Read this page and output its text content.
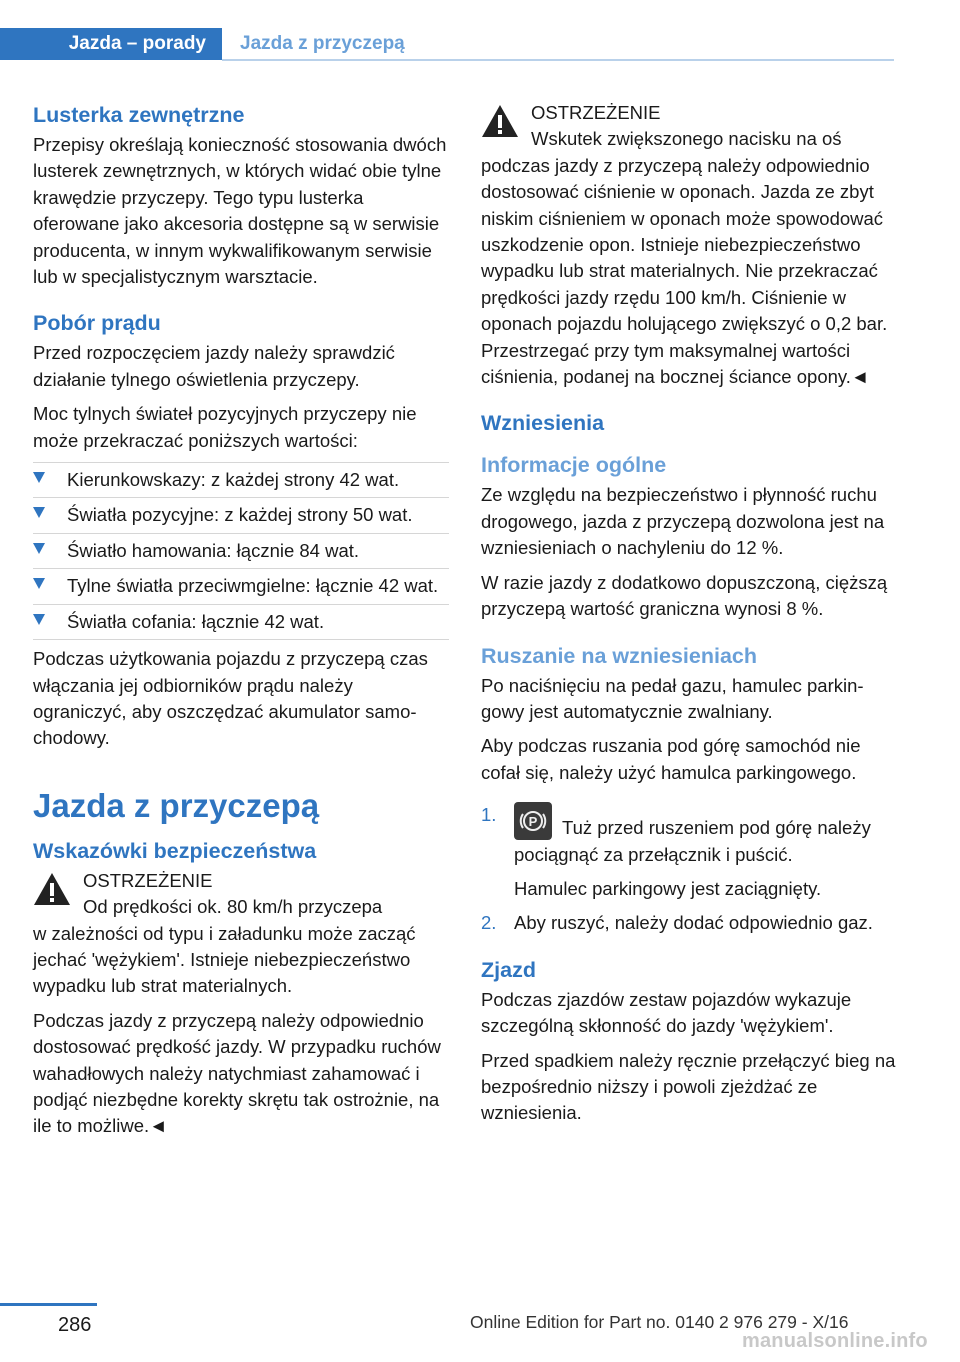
Jazda – porady	Jazda z przyczepą
Lusterka zewnętrzne

Przepisy określają konieczność stosowania dwóch lusterek zewnętrznych, w których widać obie tylne krawędzie przyczepy. Tego typu lusterka oferowane jako akcesoria dostępne są w serwisie producenta, w innym wykwalifikowanym serwisie lub w specjalistycznym warsztacie.

Pobór prądu

Przed rozpoczęciem jazdy należy sprawdzić działanie tylnego oświetlenia przyczepy.

Moc tylnych świateł pozycyjnych przyczepy nie może przekraczać poniższych wartości:

Kierunkowskazy: z każdej strony 42 wat.
Światła pozycyjne: z każdej strony 50 wat.
Światło hamowania: łącznie 84 wat.
Tylne światła przeciwmgielne: łącznie 42 wat.
Światła cofania: łącznie 42 wat.

Podczas użytkowania pojazdu z przyczepą czas włączania jej odbiorników prądu należy ograniczyć, aby oszczędzać akumulator samochodowy.

Jazda z przyczepą
Wskazówki bezpieczeństwa
OSTRZEŻENIE
Od prędkości ok. 80 km/h przyczepa

w zależności od typu i załadunku może zacząć jechać 'wężykiem'. Istnieje niebezpieczeństwo wypadku lub strat materialnych.

Podczas jazdy z przyczepą należy odpowiednio dostosować prędkość jazdy. W przypadku ruchów wahadłowych należy natychmiast zahamować i podjąć niezbędne korekty skrętu tak ostrożnie, na ile to możliwe.◄

OSTRZEŻENIE
Wskutek zwiększonego nacisku na oś

podczas jazdy z przyczepą należy odpowiednio dostosować ciśnienie w oponach. Jazda ze zbyt niskim ciśnieniem w oponach może spowodować uszkodzenie opon. Istnieje niebezpieczeństwo wypadku lub strat materialnych. Nie przekraczać prędkości jazdy rzędu 100 km/h. Ciśnienie w oponach pojazdu holującego zwiększyć o 0,2 bar. Przestrzegać przy tym maksymalnej wartości ciśnienia, podanej na bocznej ściance opony.◄

Wzniesienia
Informacje ogólne

Ze względu na bezpieczeństwo i płynność ruchu drogowego, jazda z przyczepą dozwolona jest na wzniesieniach o nachyleniu do 12 %.

W razie jazdy z dodatkowo dopuszczoną, cięższą przyczepą wartość graniczna wynosi 8 %.

Ruszanie na wzniesieniach

Po naciśnięciu na pedał gazu, hamulec parkingowy jest automatycznie zwalniany.

Aby podczas ruszania pod górę samochód nie cofał się, należy użyć hamulca parkingowego.

1. P Tuż przed ruszeniem pod górę należy pociągnąć za przełącznik i puścić.
Hamulec parkingowy jest zaciągnięty.
2. Aby ruszyć, należy dodać odpowiednio gaz.
Zjazd

Podczas zjazdów zestaw pojazdów wykazuje szczególną skłonność do jazdy 'wężykiem'.

Przed spadkiem należy ręcznie przełączyć bieg na bezpośrednio niższy i powoli zjeżdżać ze wzniesienia.

286	Online Edition for Part no. 0140 2 976 279 - X/16
manualsonline.info
